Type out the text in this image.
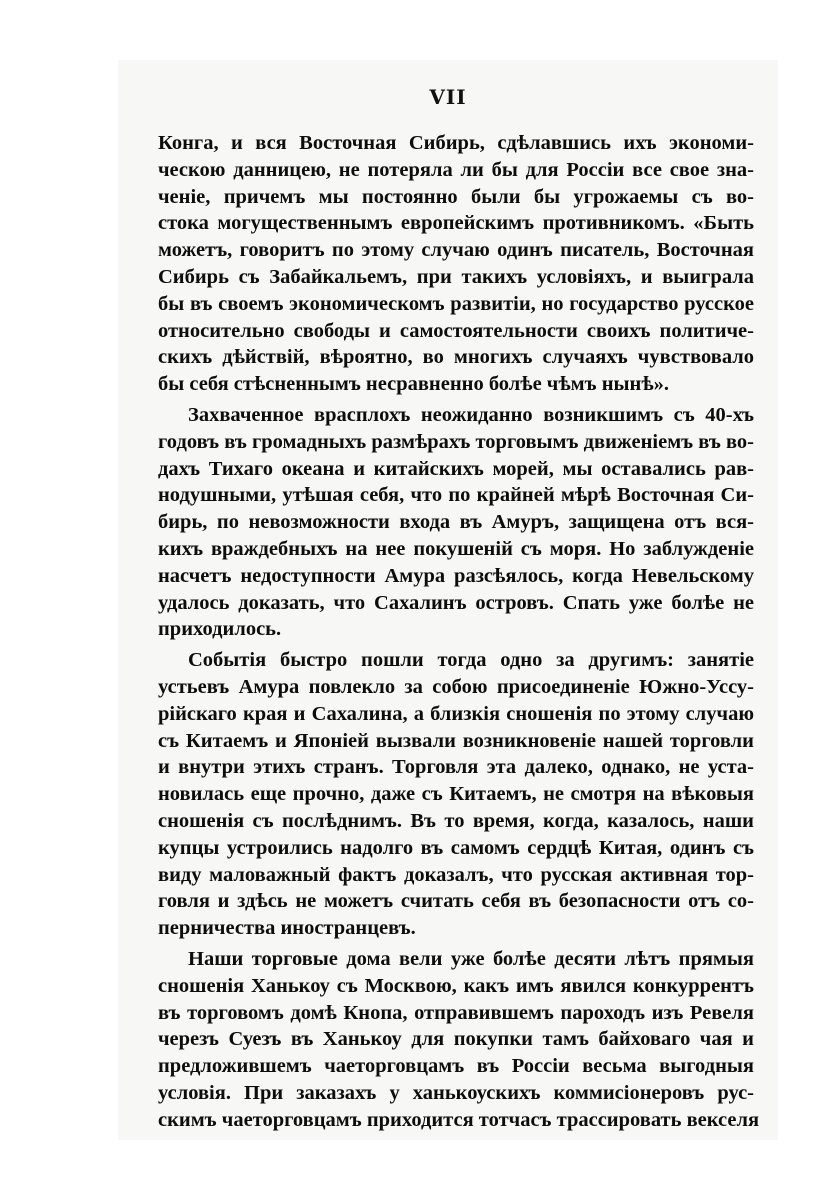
VII
Конга, и вся Восточная Сибирь, сдѣлавшись ихъ экономи-
ческою данницею, не потеряла ли бы для Россіи все свое зна-
ченіе, причемъ мы постоянно были бы угрожаемы съ во-
стока могущественнымъ европейскимъ противникомъ. «Быть
можетъ, говоритъ по этому случаю одинъ писатель, Восточная
Сибирь съ Забайкальемъ, при такихъ условіяхъ, и выиграла
бы въ своемъ экономическомъ развитіи, но государство русское
относительно свободы и самостоятельности своихъ политиче-
скихъ дѣйствій, вѣроятно, во многихъ случаяхъ чувствовало
бы себя стѣсненнымъ несравненно болѣе чѣмъ нынѣ».
Захваченное врасплохъ неожиданно возникшимъ съ 40-хъ
годовъ въ громадныхъ размѣрахъ торговымъ движеніемъ въ во-
дахъ Тихаго океана и китайскихъ морей, мы оставались рав-
нодушными, утѣшая себя, что по крайней мѣрѣ Восточная Си-
бирь, по невозможности входа въ Амуръ, защищена отъ вся-
кихъ враждебныхъ на нее покушеній съ моря. Но заблужденіе
насчетъ недоступности Амура разсѣялось, когда Невельскому
удалось доказать, что Сахалинъ островъ. Спать уже болѣе не
приходилось.
Событія быстро пошли тогда одно за другимъ: занятіе
устьевъ Амура повлекло за собою присоединеніе Южно-Уссу-
рійскаго края и Сахалина, а близкія сношенія по этому случаю
съ Китаемъ и Японіей вызвали возникновеніе нашей торговли
и внутри этихъ странъ. Торговля эта далеко, однако, не уста-
новилась еще прочно, даже съ Китаемъ, не смотря на вѣковыя
сношенія съ послѣднимъ. Въ то время, когда, казалось, наши
купцы устроились надолго въ самомъ сердцѣ Китая, одинъ съ
виду маловажный фактъ доказалъ, что русская активная тор-
говля и здѣсь не можетъ считать себя въ безопасности отъ со-
перничества иностранцевъ.
Наши торговые дома вели уже болѣе десяти лѣтъ прямыя
сношенія Ханькоу съ Москвою, какъ имъ явился конкуррентъ
въ торговомъ домѣ Кнопа, отправившемъ пароходъ изъ Ревеля
черезъ Суезъ въ Ханькоу для покупки тамъ байховаго чая и
предложившемъ чаеторговцамъ въ Россіи весьма выгодныя
условія. При заказахъ у ханькоускихъ коммисіонеровъ рус-
скимъ чаеторговцамъ приходится тотчасъ трассировать векселя
